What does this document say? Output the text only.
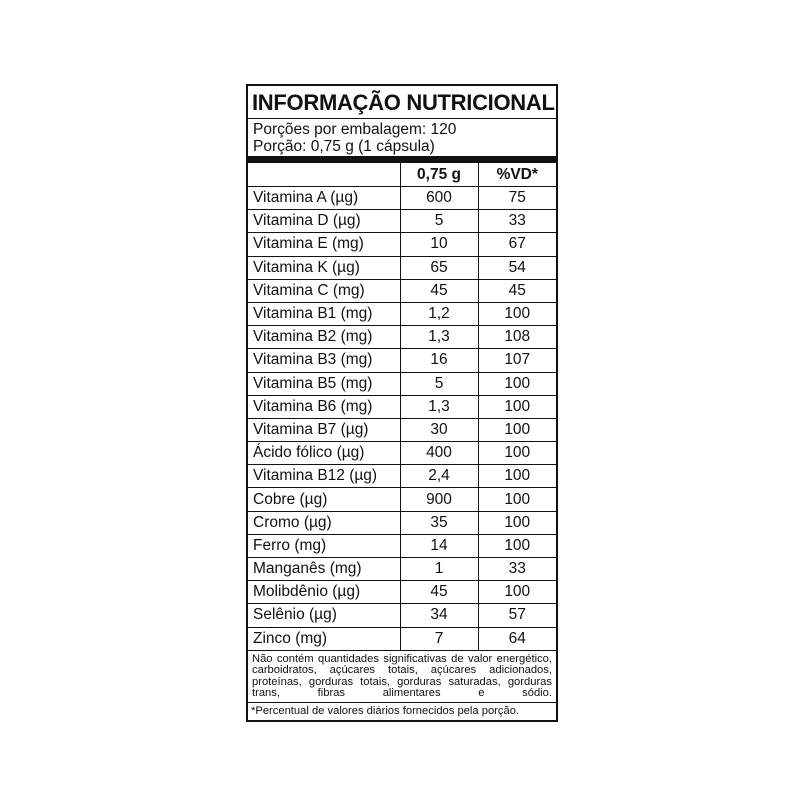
INFORMAÇÃO NUTRICIONAL
Porções por embalagem: 120
Porção: 0,75 g (1 cápsula)
	0,75 g	%VD*
Vitamina A (µg)	600	75
Vitamina D (µg)	5	33
Vitamina E (mg)	10	67
Vitamina K (µg)	65	54
Vitamina C (mg)	45	45
Vitamina B1 (mg)	1,2	100
Vitamina B2 (mg)	1,3	108
Vitamina B3 (mg)	16	107
Vitamina B5 (mg)	5	100
Vitamina B6 (mg)	1,3	100
Vitamina B7 (µg)	30	100
Ácido fólico (µg)	400	100
Vitamina B12 (µg)	2,4	100
Cobre (µg)	900	100
Cromo (µg)	35	100
Ferro (mg)	14	100
Manganês (mg)	1	33
Molibdênio (µg)	45	100
Selênio (µg)	34	57
Zinco (mg)	7	64
Não contém quantidades significativas de valor energético, carboidratos, açúcares totais, açúcares adicionados, proteínas, gorduras totais, gorduras saturadas, gorduras trans, fibras alimentares e sódio.
*Percentual de valores diários fornecidos pela porção.
